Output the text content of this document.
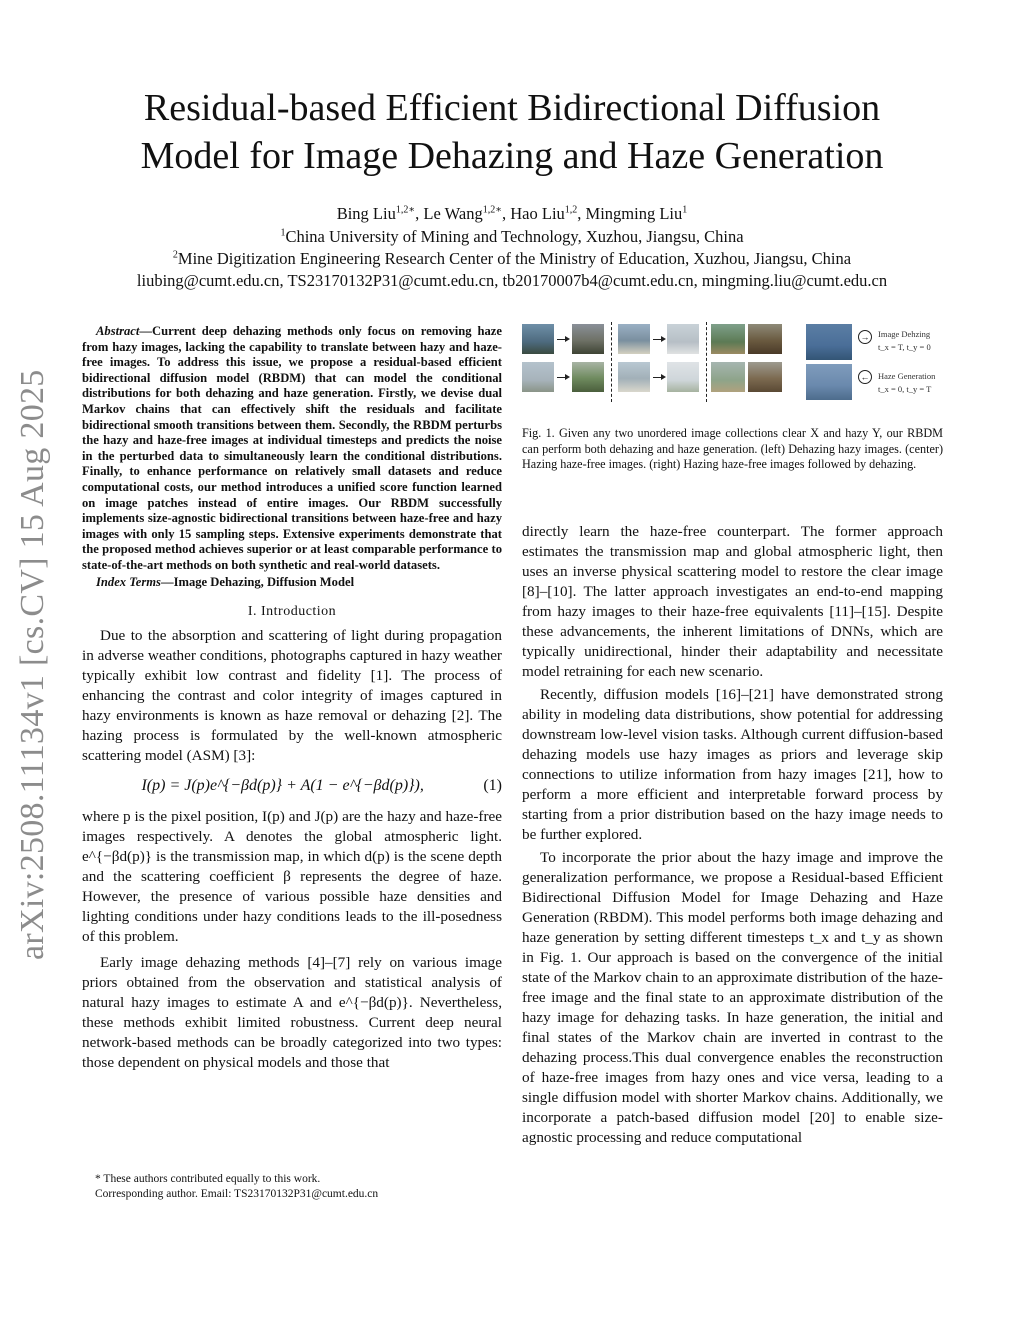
arXiv:2508.11134v1 [cs.CV] 15 Aug 2025
Residual-based Efficient Bidirectional Diffusion
Model for Image Dehazing and Haze Generation
Bing Liu$^{1,2∗}$, Le Wang$^{1,2∗}$, Hao Liu$^{1,2}$, Mingming Liu$^1$
$^1$China University of Mining and Technology, Xuzhou, Jiangsu, China
$^2$Mine Digitization Engineering Research Center of the Ministry of Education, Xuzhou, Jiangsu, China
liubing@cumt.edu.cn, TS23170132P31@cumt.edu.cn, tb20170007b4@cumt.edu.cn, mingming.liu@cumt.edu.cn

Abstract—Current deep dehazing methods only focus on removing haze from hazy images, lacking the capability to translate between hazy and haze-free images. To address this issue, we propose a residual-based efficient bidirectional diffusion model (RBDM) that can model the conditional distributions for both dehazing and haze generation. Firstly, we devise dual Markov chains that can effectively shift the residuals and facilitate bidirectional smooth transitions between them. Secondly, the RBDM perturbs the hazy and haze-free images at individual timesteps and predicts the noise in the perturbed data to simultaneously learn the conditional distributions. Finally, to enhance performance on relatively small datasets and reduce computational costs, our method introduces a unified score function learned on image patches instead of entire images. Our RBDM successfully implements size-agnostic bidirectional transitions between haze-free and hazy images with only 15 sampling steps. Extensive experiments demonstrate that the proposed method achieves superior or at least comparable performance to state-of-the-art methods on both synthetic and real-world datasets.

Index Terms—Image Dehazing, Diffusion Model

I. Introduction

Due to the absorption and scattering of light during propagation in adverse weather conditions, photographs captured in hazy weather typically exhibit low contrast and fidelity [1]. The process of enhancing the contrast and color integrity of images captured in hazy environments is known as haze removal or dehazing [2]. The hazing process is formulated by the well-known atmospheric scattering model (ASM) [3]:

I(p) = J(p)e^{−βd(p)} + A(1 − e^{−βd(p)}),	(1)

where p is the pixel position, I(p) and J(p) are the hazy and haze-free images respectively. A denotes the global atmospheric light. e^{−βd(p)} is the transmission map, in which d(p) is the scene depth and the scattering coefficient β represents the degree of haze. However, the presence of various possible haze densities and lighting conditions under hazy conditions leads to the ill-posedness of this problem.

Early image dehazing methods [4]–[7] rely on various image priors obtained from the observation and statistical analysis of natural hazy images to estimate A and e^{−βd(p)}. Nevertheless, these methods exhibit limited robustness. Current deep neural network-based methods can be broadly categorized into two types: those dependent on physical models and those that

* These authors contributed equally to this work.
Corresponding author. Email: TS23170132P31@cumt.edu.cn
→ Image Dehzing
t_x = T, t_y = 0
← Haze Generation
t_x = 0, t_y = T
Fig. 1. Given any two unordered image collections clear X and hazy Y, our RBDM can perform both dehazing and haze generation. (left) Dehazing hazy images. (center) Hazing haze-free images. (right) Hazing haze-free images followed by dehazing.

directly learn the haze-free counterpart. The former approach estimates the transmission map and global atmospheric light, then uses an inverse physical scattering model to restore the clear image [8]–[10]. The latter approach investigates an end-to-end mapping from hazy images to their haze-free equivalents [11]–[15]. Despite these advancements, the inherent limitations of DNNs, which are typically unidirectional, hinder their adaptability and necessitate model retraining for each new scenario.

Recently, diffusion models [16]–[21] have demonstrated strong ability in modeling data distributions, show potential for addressing downstream low-level vision tasks. Although current diffusion-based dehazing models use hazy images as priors and leverage skip connections to utilize information from hazy images [21], how to perform a more efficient and interpretable forward process by starting from a prior distribution based on the hazy image needs to be further explored.

To incorporate the prior about the hazy image and improve the generalization performance, we propose a Residual-based Efficient Bidirectional Diffusion Model for Image Dehazing and Haze Generation (RBDM). This model performs both image dehazing and haze generation by setting different timesteps t_x and t_y as shown in Fig. 1. Our approach is based on the convergence of the initial state of the Markov chain to an approximate distribution of the haze-free image and the final state to an approximate distribution of the hazy image for dehazing tasks. In haze generation, the initial and final states of the Markov chain are inverted in contrast to the dehazing process.This dual convergence enables the reconstruction of haze-free images from hazy ones and vice versa, leading to a single diffusion model with shorter Markov chains. Additionally, we incorporate a patch-based diffusion model [20] to enable size-agnostic processing and reduce computational
